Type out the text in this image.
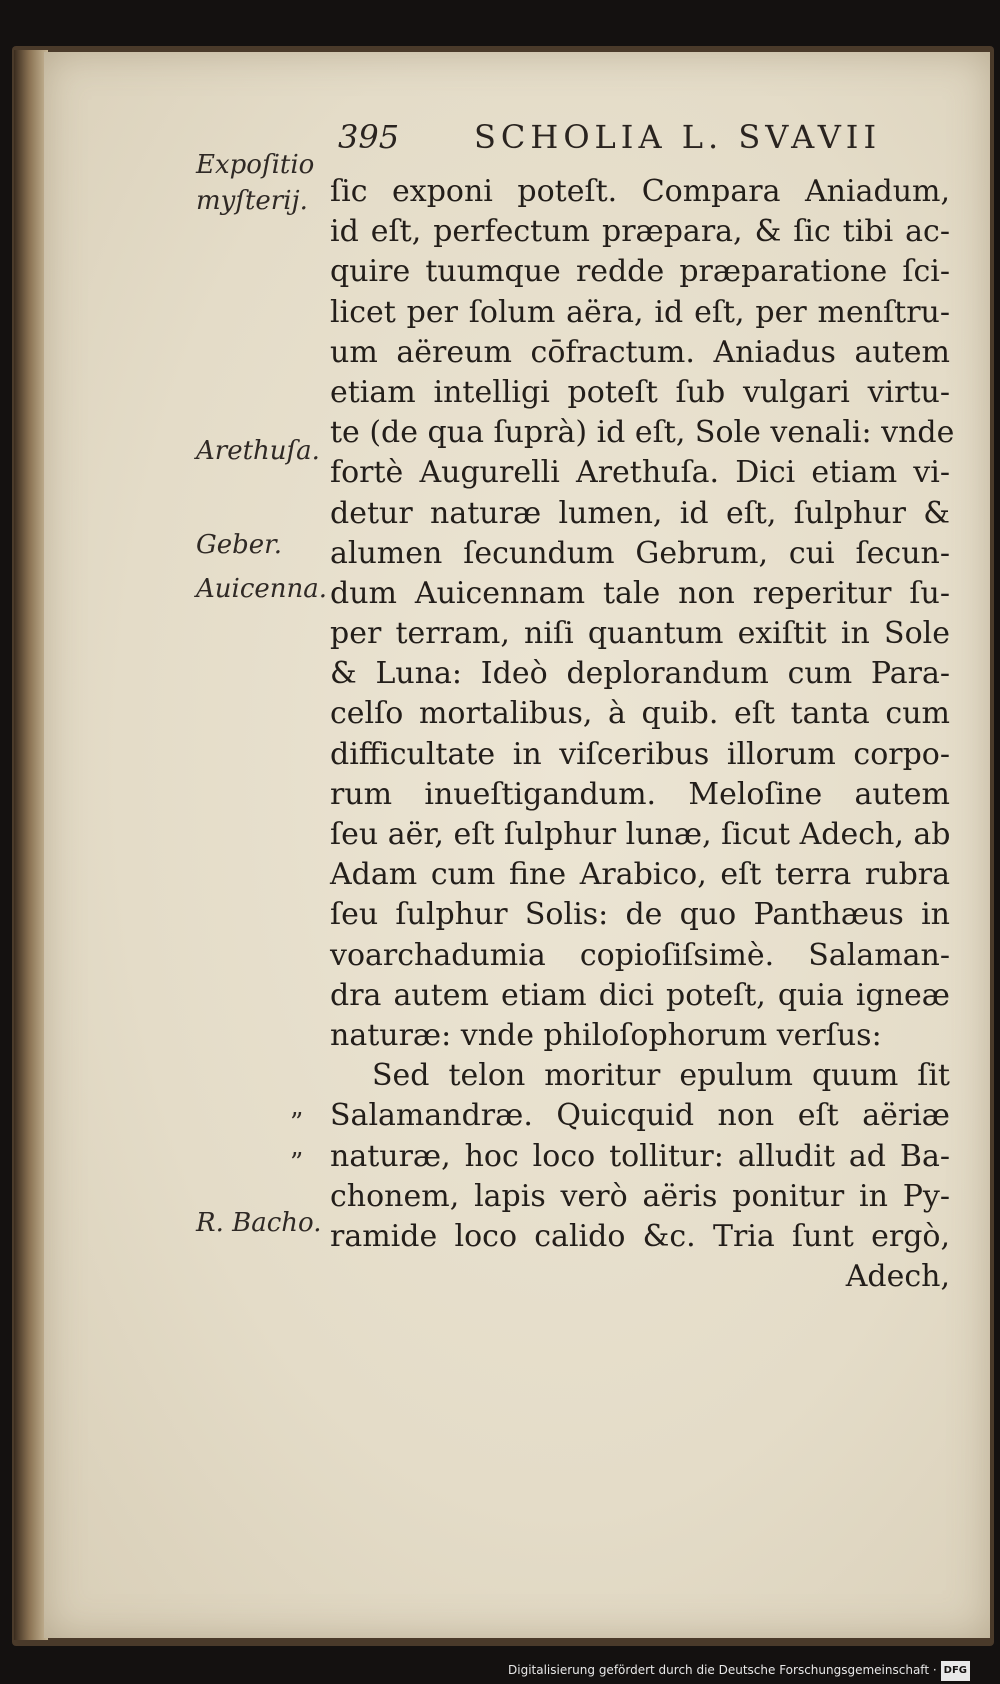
395 SCHOLIA L. SVAVII
Expoſitio
myſterij.
Arethuſa.
Geber.
Auicenna.
R. Bacho.
”
”
ſic exponi poteſt. Compara Aniadum,
id eſt, perfectum præpara, & ſic tibi ac-
quire tuumque redde præparatione ſci-
licet per ſolum aëra, id eſt, per menſtru-
um aëreum cōfractum. Aniadus autem
etiam intelligi poteſt ſub vulgari virtu-
te (de qua ſuprà) id eſt, Sole venali: vnde
fortè Augurelli Arethuſa. Dici etiam vi-
detur naturæ lumen, id eſt, ſulphur &
alumen ſecundum Gebrum, cui ſecun-
dum Auicennam tale non reperitur ſu-
per terram, niſi quantum exiſtit in Sole
& Luna: Ideò deplorandum cum Para-
celſo mortalibus, à quib. eſt tanta cum
difficultate in viſceribus illorum corpo-
rum inueſtigandum. Meloſine autem
ſeu aër, eſt ſulphur lunæ, ſicut Adech, ab
Adam cum fine Arabico, eſt terra rubra
ſeu ſulphur Solis: de quo Panthæus in
voarchadumia copioſiſsimè. Salaman-
dra autem etiam dici poteſt, quia igneæ
naturæ: vnde philoſophorum verſus:
Sed telon moritur epulum quum ſit
Salamandræ. Quicquid non eſt aëriæ
naturæ, hoc loco tollitur: alludit ad Ba-
chonem, lapis verò aëris ponitur in Py-
ramide loco calido &c. Tria ſunt ergò,
Adech,
Digitalisierung gefördert durch die Deutsche Forschungsgemeinschaft · DFG
